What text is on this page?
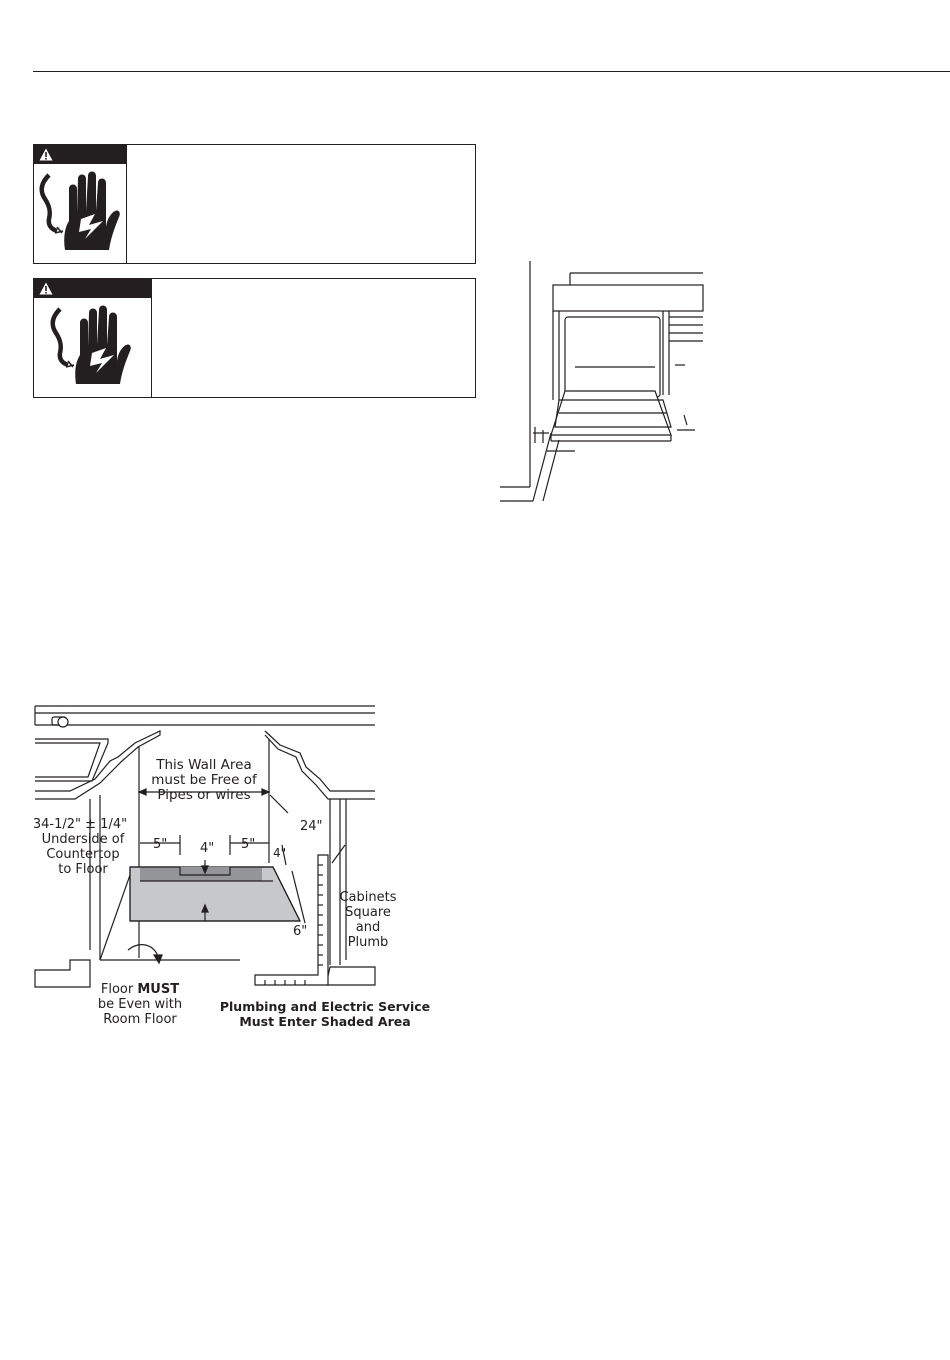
This Wall Area
must be Free of
Pipes or wires
24"
34-1/2" ± 1/4"
Underside of
Countertop
to Floor
5"	4" 5"
4"
6"
Cabinets
Square
and
Plumb
Floor MUST
be Even with
Room Floor
Plumbing and Electric Service
Must Enter Shaded Area
